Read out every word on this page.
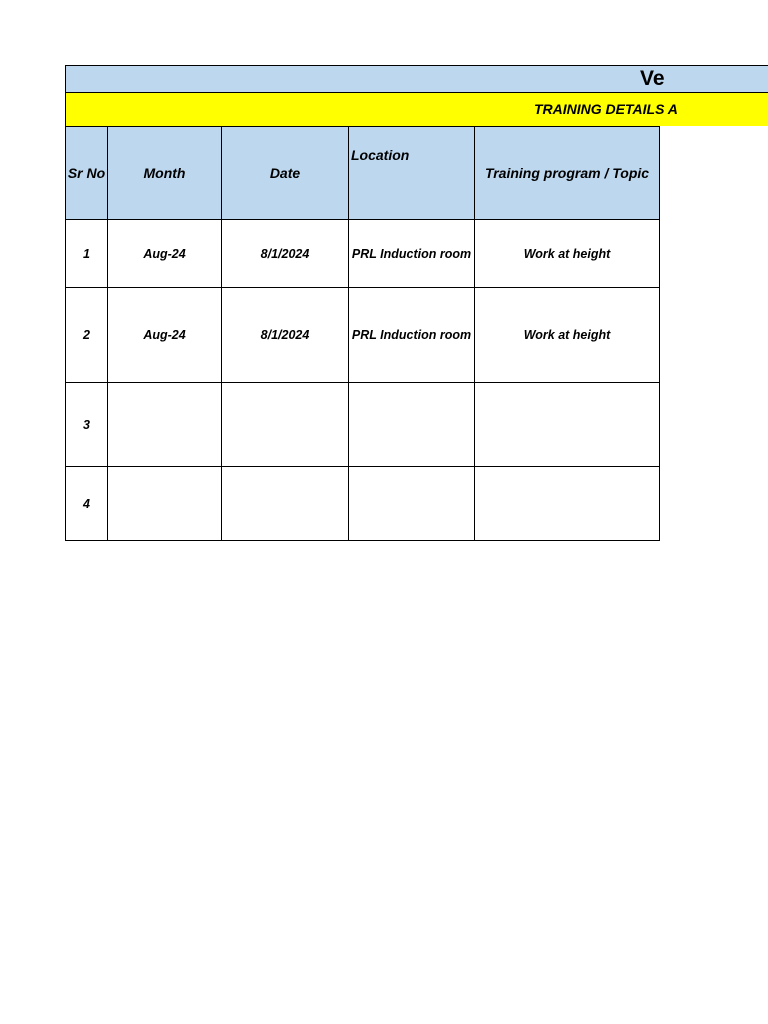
Ve
TRAINING DETAILS A
Sr No	Month	Date	Location	Training program / Topic
1	Aug-24	8/1/2024	PRL Induction room	Work at height
2	Aug-24	8/1/2024	PRL Induction room	Work at height
3				
4				
